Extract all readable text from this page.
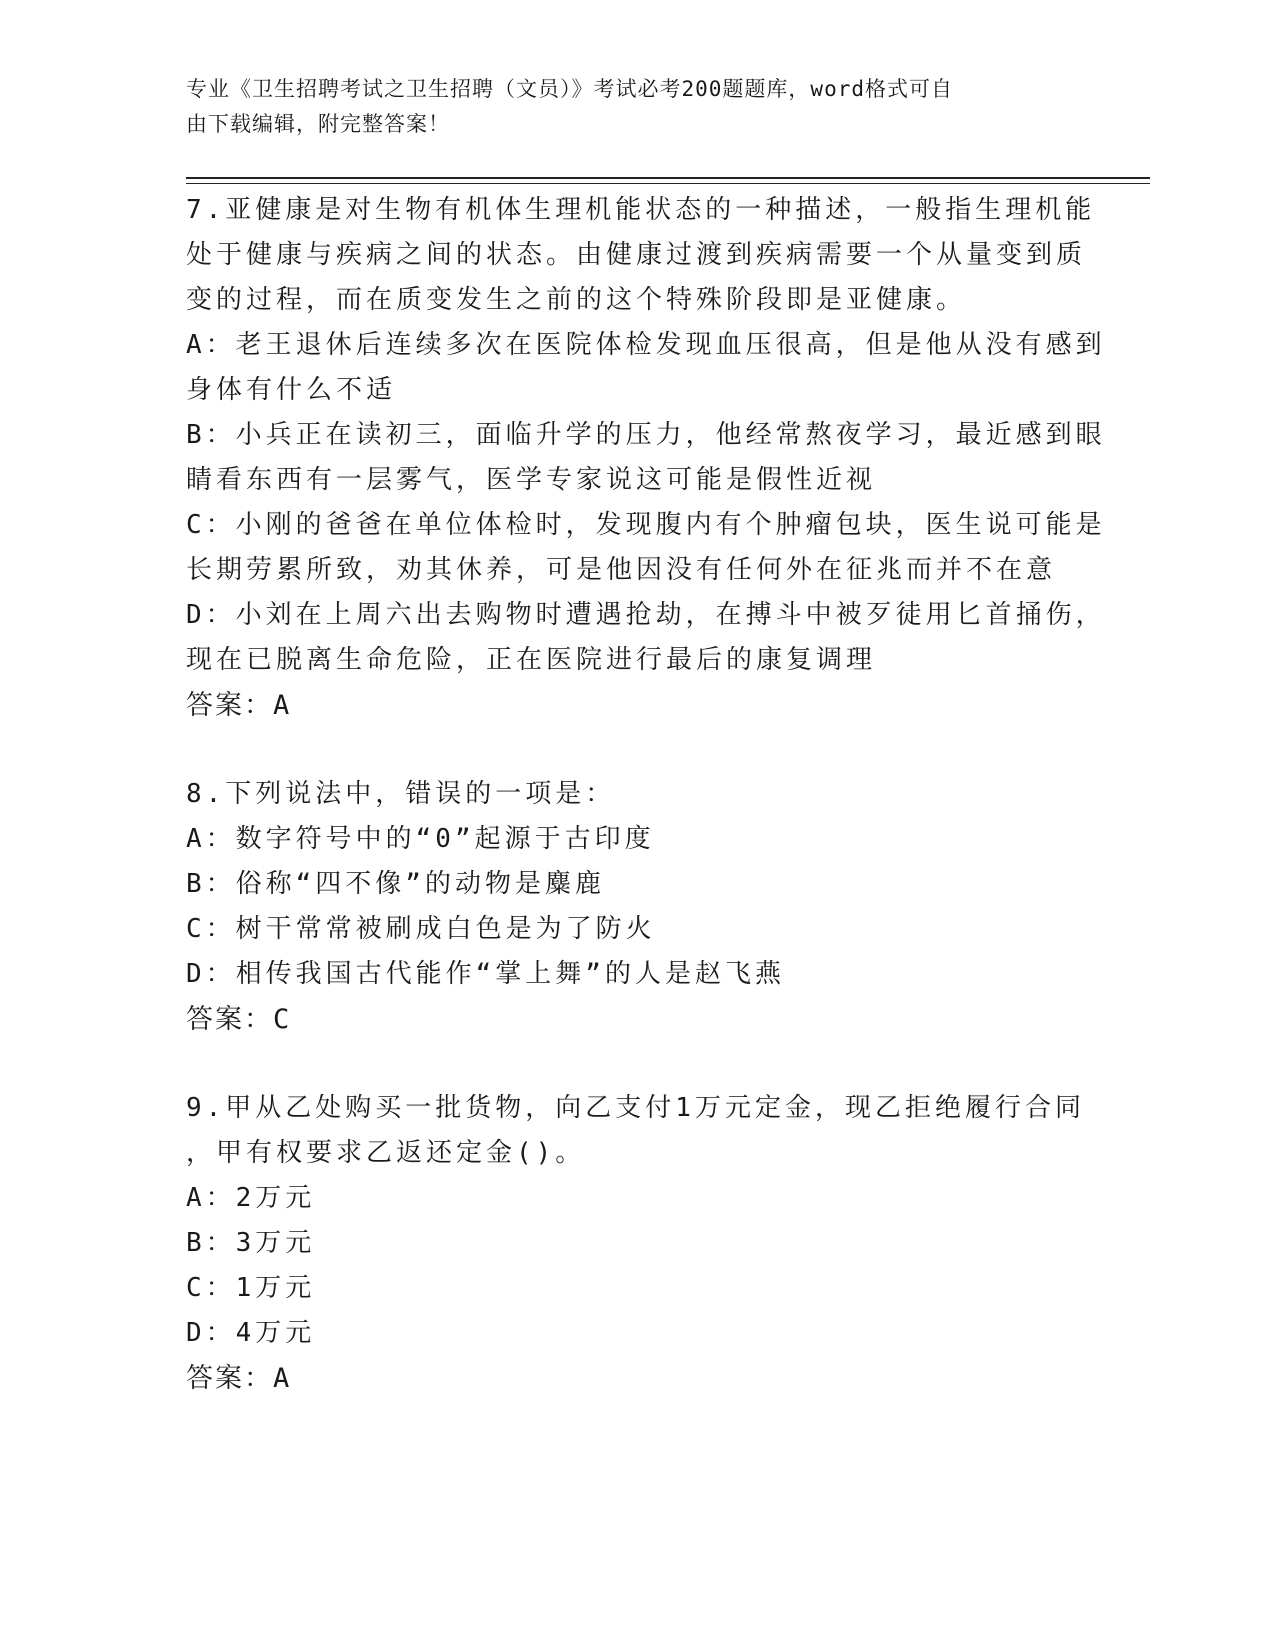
专业《卫生招聘考试之卫生招聘（文员）》考试必考200题题库，word格式可自
由下载编辑，附完整答案！
7.亚健康是对生物有机体生理机能状态的一种描述，一般指生理机能
处于健康与疾病之间的状态。由健康过渡到疾病需要一个从量变到质
变的过程，而在质变发生之前的这个特殊阶段即是亚健康。
A：老王退休后连续多次在医院体检发现血压很高，但是他从没有感到
身体有什么不适
B：小兵正在读初三，面临升学的压力，他经常熬夜学习，最近感到眼
睛看东西有一层雾气，医学专家说这可能是假性近视
C：小刚的爸爸在单位体检时，发现腹内有个肿瘤包块，医生说可能是
长期劳累所致，劝其休养，可是他因没有任何外在征兆而并不在意
D：小刘在上周六出去购物时遭遇抢劫，在搏斗中被歹徒用匕首捅伤，
现在已脱离生命危险，正在医院进行最后的康复调理
答案：A
8.下列说法中，错误的一项是：
A：数字符号中的“0”起源于古印度
B：俗称“四不像”的动物是麋鹿
C：树干常常被刷成白色是为了防火
D：相传我国古代能作“掌上舞”的人是赵飞燕
答案：C
9.甲从乙处购买一批货物，向乙支付1万元定金，现乙拒绝履行合同
，甲有权要求乙返还定金()。
A：2万元
B：3万元
C：1万元
D：4万元
答案：A
